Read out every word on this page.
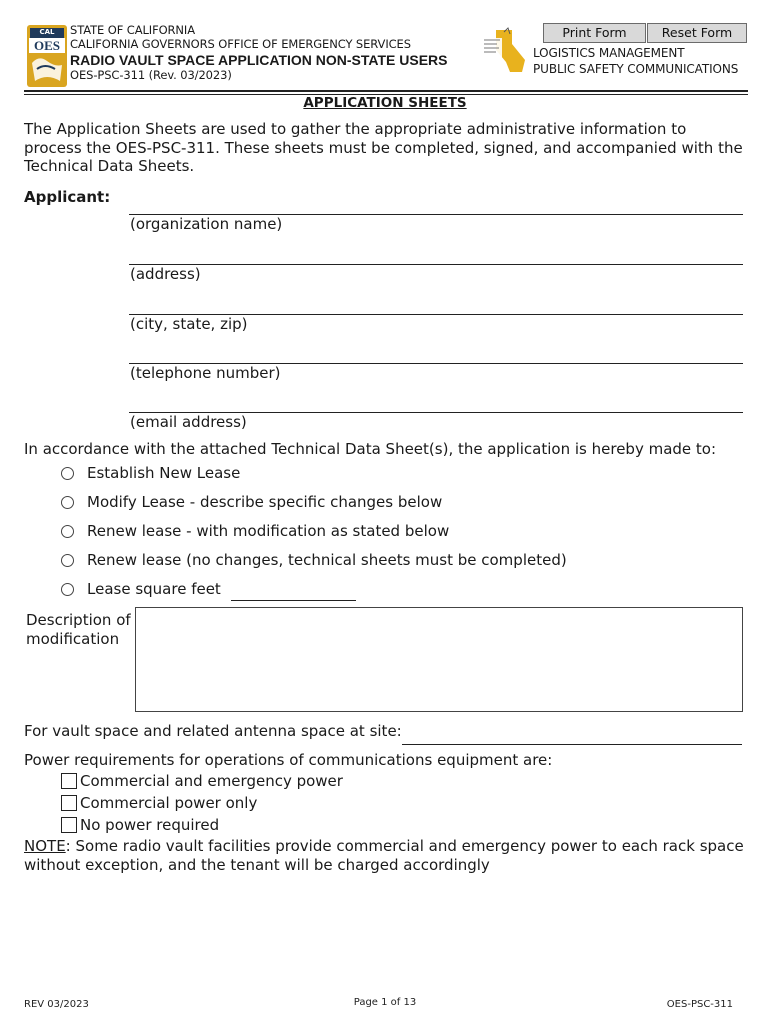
CAL
OES
STATE OF CALIFORNIA
CALIFORNIA GOVERNORS OFFICE OF EMERGENCY SERVICES
RADIO VAULT SPACE APPLICATION NON-STATE USERS
OES-PSC-311 (Rev. 03/2023)
Print Form	Reset Form
LOGISTICS MANAGEMENT
PUBLIC SAFETY COMMUNICATIONS
APPLICATION SHEETS
The Application Sheets are used to gather the appropriate administrative information to process the OES-PSC-311. These sheets must be completed, signed, and accompanied with the Technical Data Sheets.
Applicant:
(organization name)
(address)
(city, state, zip)
(telephone number)
(email address)
In accordance with the attached Technical Data Sheet(s), the application is hereby made to:
Establish New Lease
Modify Lease - describe specific changes below
Renew lease - with modification as stated below
Renew lease (no changes, technical sheets must be completed)
Lease square feet
Description of
modification
For vault space and related antenna space at site:
Power requirements for operations of communications equipment are:
Commercial and emergency power
Commercial power only
No power required
NOTE: Some radio vault facilities provide commercial and emergency power to each rack space without exception, and the tenant will be charged accordingly
REV 03/2023	Page 1 of 13	OES-PSC-311
